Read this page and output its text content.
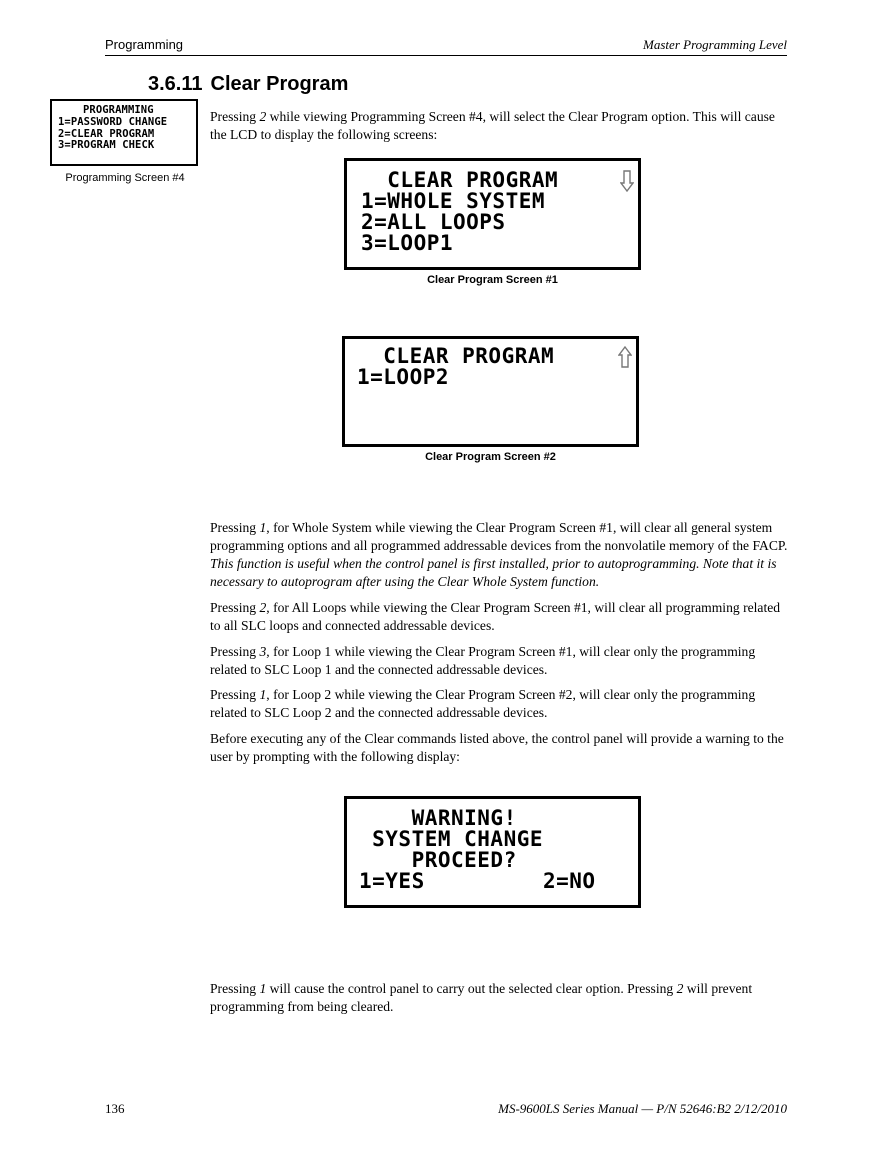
Programming	Master Programming Level
3.6.11 Clear Program
PROGRAMMING
1=PASSWORD CHANGE
2=CLEAR PROGRAM
3=PROGRAM CHECK
Programming Screen #4
Pressing 2 while viewing Programming Screen #4, will select the Clear Program option. This will cause the LCD to display the following screens:
CLEAR PROGRAM
1=WHOLE SYSTEM
2=ALL LOOPS
3=LOOP1
Clear Program Screen #1
CLEAR PROGRAM
1=LOOP2
Clear Program Screen #2
Pressing 1, for Whole System while viewing the Clear Program Screen #1, will clear all general system programming options and all programmed addressable devices from the nonvolatile memory of the FACP. This function is useful when the control panel is first installed, prior to autoprogramming. Note that it is necessary to autoprogram after using the Clear Whole System function.
Pressing 2, for All Loops while viewing the Clear Program Screen #1, will clear all programming related to all SLC loops and connected addressable devices.
Pressing 3, for Loop 1 while viewing the Clear Program Screen #1, will clear only the programming related to SLC Loop 1 and the connected addressable devices.
Pressing 1, for Loop 2 while viewing the Clear Program Screen #2, will clear only the programming related to SLC Loop 2 and the connected addressable devices.
Before executing any of the Clear commands listed above, the control panel will provide a warning to the user by prompting with the following display:
WARNING!
SYSTEM CHANGE
PROCEED?
1=YES         2=NO
Pressing 1 will cause the control panel to carry out the selected clear option. Pressing 2 will prevent programming from being cleared.
136	MS-9600LS Series Manual — P/N 52646:B2 2/12/2010
